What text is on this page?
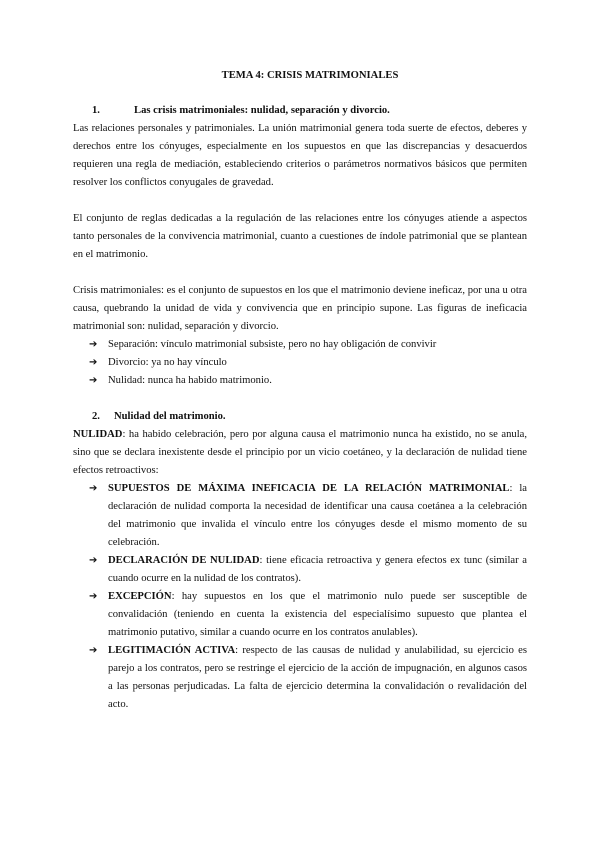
TEMA 4: CRISIS MATRIMONIALES

1.	Las crisis matrimoniales: nulidad, separación y divorcio.

Las relaciones personales y patrimoniales. La unión matrimonial genera toda suerte de efectos, deberes y derechos entre los cónyuges, especialmente en los supuestos en que las discrepancias y desacuerdos requieren una regla de mediación, estableciendo criterios o parámetros normativos básicos que permiten resolver los conflictos conyugales de gravedad.

El conjunto de reglas dedicadas a la regulación de las relaciones entre los cónyuges atiende a aspectos tanto personales de la convivencia matrimonial, cuanto a cuestiones de índole patrimonial que se plantean en el matrimonio.

Crisis matrimoniales: es el conjunto de supuestos en los que el matrimonio deviene ineficaz, por una u otra causa, quebrando la unidad de vida y convivencia que en principio supone. Las figuras de ineficacia matrimonial son: nulidad, separación y divorcio.

➔ Separación: vínculo matrimonial subsiste, pero no hay obligación de convivir
➔ Divorcio: ya no hay vínculo
➔ Nulidad: nunca ha habido matrimonio.

2. Nulidad del matrimonio.

NULIDAD: ha habido celebración, pero por alguna causa el matrimonio nunca ha existido, no se anula, sino que se declara inexistente desde el principio por un vicio coetáneo, y la declaración de nulidad tiene efectos retroactivos:

➔ SUPUESTOS DE MÁXIMA INEFICACIA DE LA RELACIÓN MATRIMONIAL: la declaración de nulidad comporta la necesidad de identificar una causa coetánea a la celebración del matrimonio que invalida el vínculo entre los cónyuges desde el mismo momento de su celebración.

➔ DECLARACIÓN DE NULIDAD: tiene eficacia retroactiva y genera efectos ex tunc (similar a cuando ocurre en la nulidad de los contratos).

➔ EXCEPCIÓN: hay supuestos en los que el matrimonio nulo puede ser susceptible de convalidación (teniendo en cuenta la existencia del especialísimo supuesto que plantea el matrimonio putativo, similar a cuando ocurre en los contratos anulables).

➔ LEGITIMACIÓN ACTIVA: respecto de las causas de nulidad y anulabilidad, su ejercicio es parejo a los contratos, pero se restringe el ejercicio de la acción de impugnación, en algunos casos a las personas perjudicadas. La falta de ejercicio determina la convalidación o revalidación del acto.
